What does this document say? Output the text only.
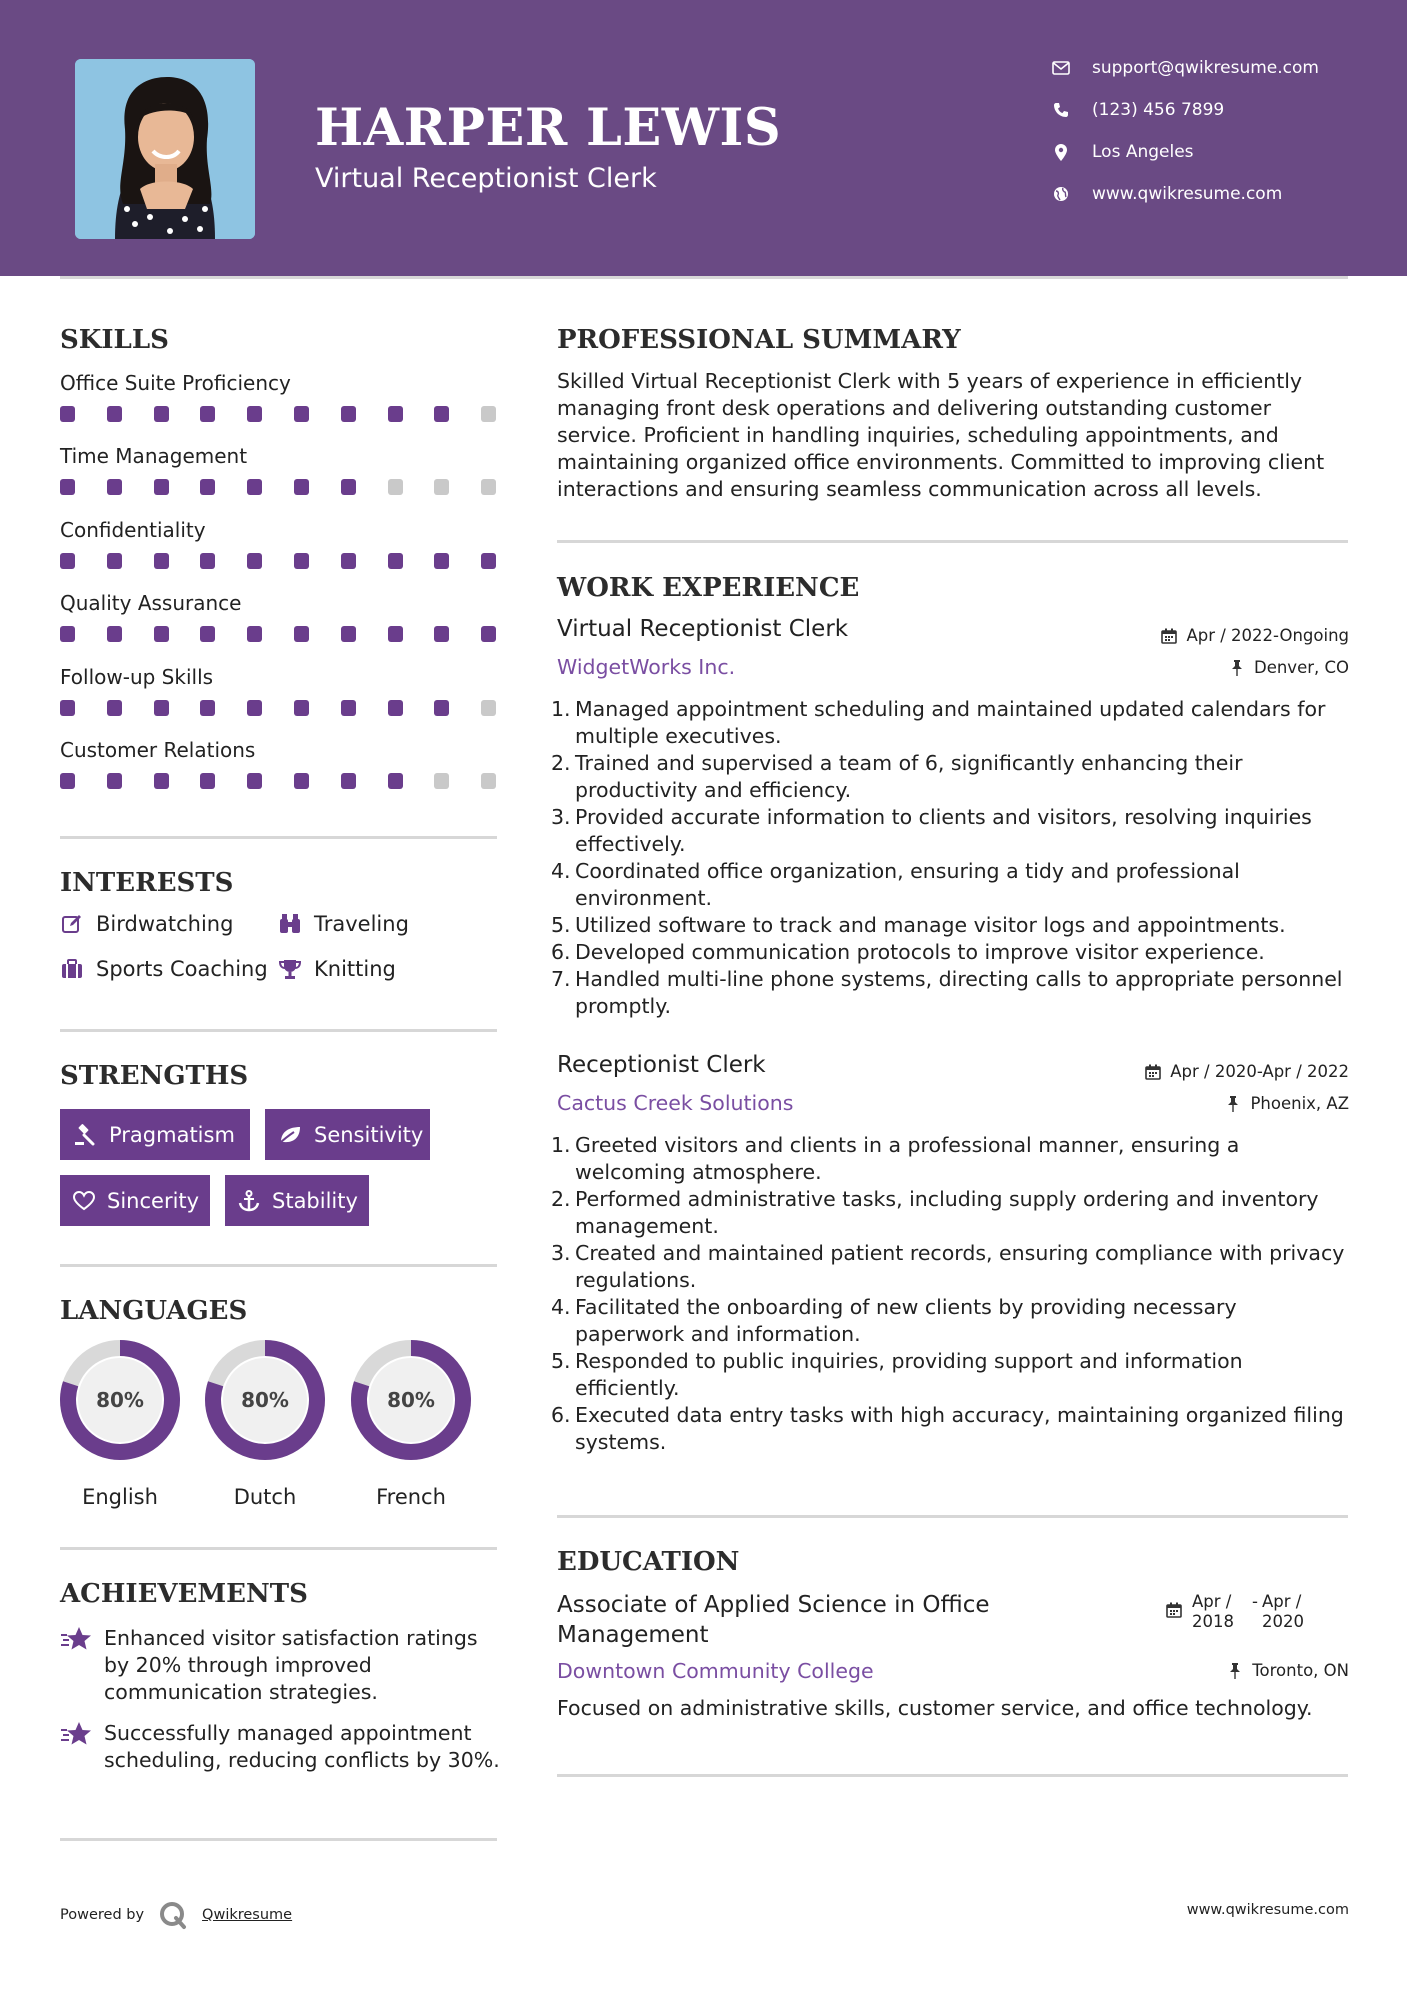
HARPER LEWIS
Virtual Receptionist Clerk
support@qwikresume.com
(123) 456 7899
Los Angeles
www.qwikresume.com
SKILLS
Office Suite Proficiency
Time Management
Confidentiality
Quality Assurance
Follow-up Skills
Customer Relations
INTERESTS
Birdwatching	Traveling
Sports Coaching Knitting
STRENGTHS
Pragmatism	Sensitivity
Sincerity	Stability
LANGUAGES
80%
English
80%
Dutch
80%
French
ACHIEVEMENTS
Enhanced visitor satisfaction ratings by 20% through improved communication strategies.
Successfully managed appointment scheduling, reducing conflicts by 30%.
PROFESSIONAL SUMMARY
Skilled Virtual Receptionist Clerk with 5 years of experience in efficiently managing front desk operations and delivering outstanding customer service. Proficient in handling inquiries, scheduling appointments, and maintaining organized office environments. Committed to improving client interactions and ensuring seamless communication across all levels.
WORK EXPERIENCE
Virtual Receptionist Clerk	Apr / 2022-Ongoing
WidgetWorks Inc.	Denver, CO
1. Managed appointment scheduling and maintained updated calendars for multiple executives.
2. Trained and supervised a team of 6, significantly enhancing their productivity and efficiency.
3. Provided accurate information to clients and visitors, resolving inquiries effectively.
4. Coordinated office organization, ensuring a tidy and professional environment.
5. Utilized software to track and manage visitor logs and appointments.
6. Developed communication protocols to improve visitor experience.
7. Handled multi-line phone systems, directing calls to appropriate personnel promptly.
Receptionist Clerk	Apr / 2020-Apr / 2022
Cactus Creek Solutions	Phoenix, AZ
1. Greeted visitors and clients in a professional manner, ensuring a welcoming atmosphere.
2. Performed administrative tasks, including supply ordering and inventory management.
3. Created and maintained patient records, ensuring compliance with privacy regulations.
4. Facilitated the onboarding of new clients by providing necessary paperwork and information.
5. Responded to public inquiries, providing support and information efficiently.
6. Executed data entry tasks with high accuracy, maintaining organized filing systems.
EDUCATION
Associate of Applied Science in Office Management
Apr / 2018
- Apr / 2020
Downtown Community College	Toronto, ON
Focused on administrative skills, customer service, and office technology.
Powered by	Qwikresume	www.qwikresume.com
